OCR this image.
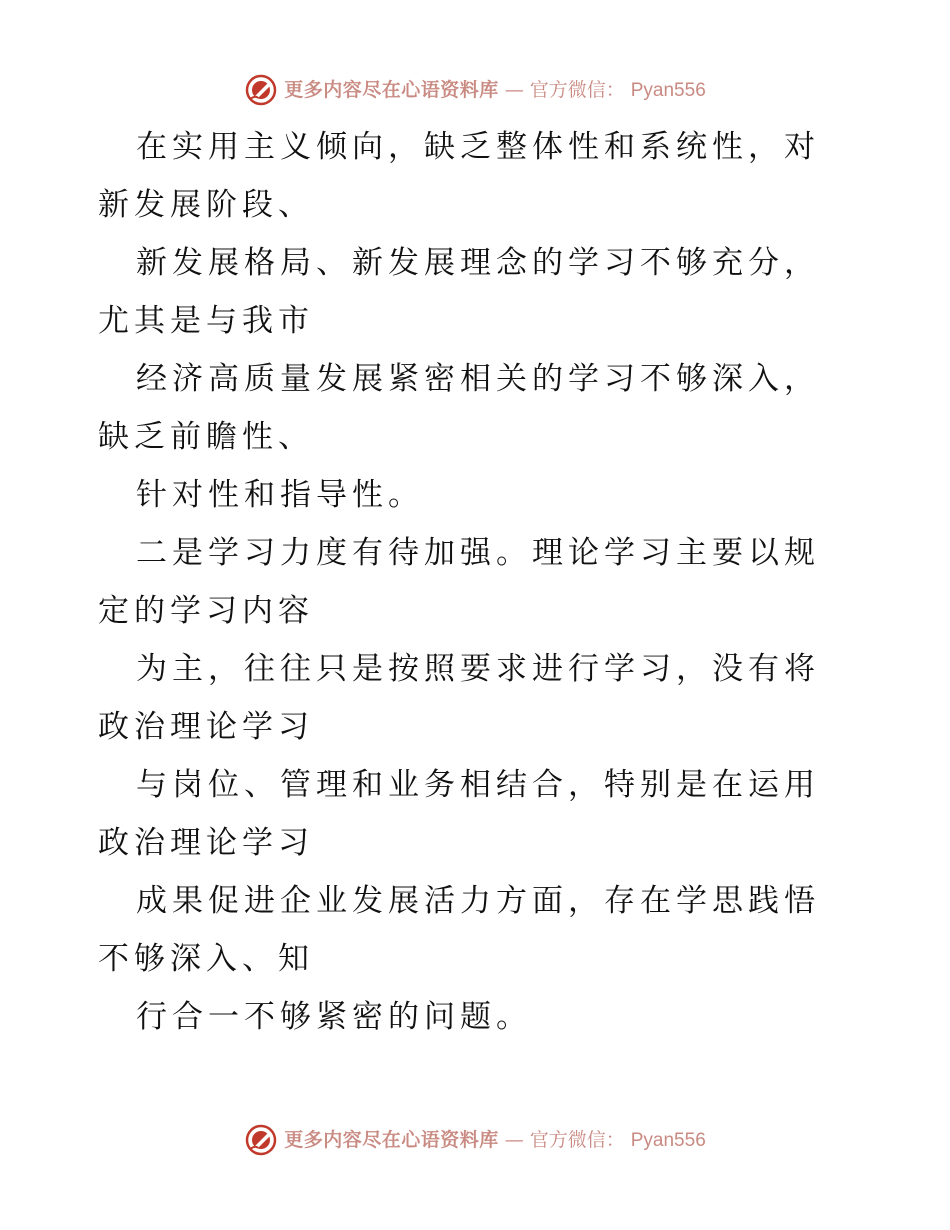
更多内容尽在心语资料库 — 官方微信： Pyan556

在实用主义倾向，缺乏整体性和系统性，对新发展阶段、

新发展格局、新发展理念的学习不够充分，尤其是与我市

经济高质量发展紧密相关的学习不够深入，缺乏前瞻性、

针对性和指导性。

二是学习力度有待加强。理论学习主要以规定的学习内容

为主，往往只是按照要求进行学习，没有将政治理论学习

与岗位、管理和业务相结合，特别是在运用政治理论学习

成果促进企业发展活力方面，存在学思践悟不够深入、知

行合一不够紧密的问题。

更多内容尽在心语资料库 — 官方微信： Pyan556
